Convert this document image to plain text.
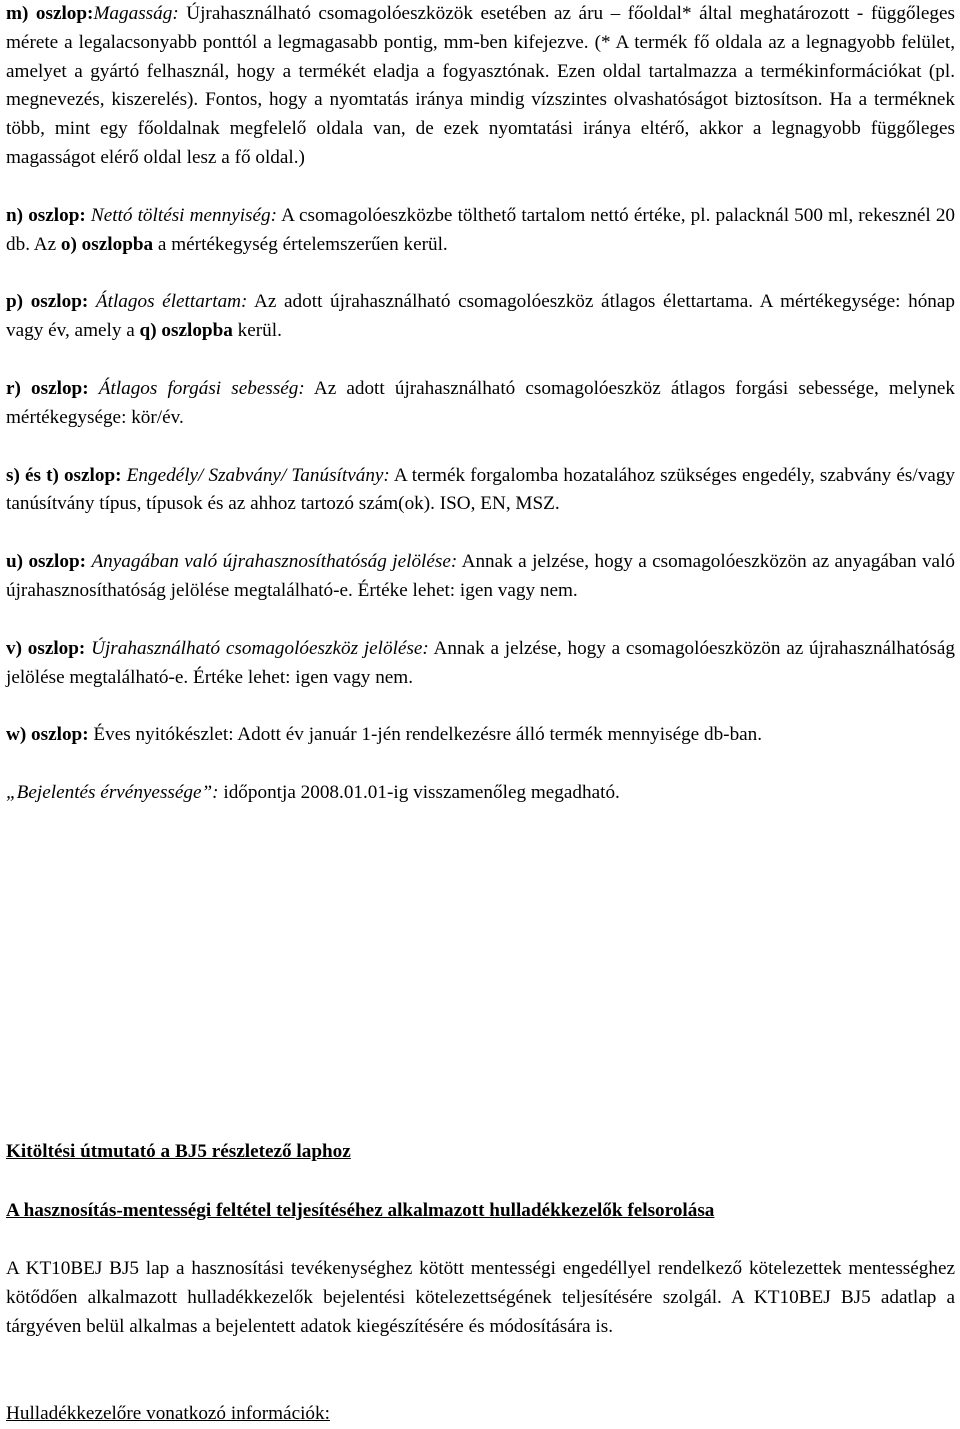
m) oszlop:Magasság: Újrahasználható csomagolóeszközök esetében az áru – főoldal* által meghatározott - függőleges mérete a legalacsonyabb ponttól a legmagasabb pontig, mm-ben kifejezve. (* A termék fő oldala az a legnagyobb felület, amelyet a gyártó felhasznál, hogy a termékét eladja a fogyasztónak. Ezen oldal tartalmazza a termékinformációkat (pl. megnevezés, kiszerelés). Fontos, hogy a nyomtatás iránya mindig vízszintes olvashatóságot biztosítson. Ha a terméknek több, mint egy főoldalnak megfelelő oldala van, de ezek nyomtatási iránya eltérő, akkor a legnagyobb függőleges magasságot elérő oldal lesz a fő oldal.)

n) oszlop: Nettó töltési mennyiség: A csomagolóeszközbe tölthető tartalom nettó értéke, pl. palacknál 500 ml, rekesznél 20 db. Az o) oszlopba a mértékegység értelemszerűen kerül.

p) oszlop: Átlagos élettartam: Az adott újrahasználható csomagolóeszköz átlagos élettartama. A mértékegysége: hónap vagy év, amely a q) oszlopba kerül.

r) oszlop: Átlagos forgási sebesség: Az adott újrahasználható csomagolóeszköz átlagos forgási sebessége, melynek mértékegysége: kör/év.

s) és t) oszlop: Engedély/ Szabvány/ Tanúsítvány: A termék forgalomba hozatalához szükséges engedély, szabvány és/vagy tanúsítvány típus, típusok és az ahhoz tartozó szám(ok). ISO, EN, MSZ.

u) oszlop: Anyagában való újrahasznosíthatóság jelölése: Annak a jelzése, hogy a csomagolóeszközön az anyagában való újrahasznosíthatóság jelölése megtalálható-e. Értéke lehet: igen vagy nem.

v) oszlop: Újrahasználható csomagolóeszköz jelölése: Annak a jelzése, hogy a csomagolóeszközön az újrahasználhatóság jelölése megtalálható-e. Értéke lehet: igen vagy nem.

w) oszlop: Éves nyitókészlet: Adott év január 1-jén rendelkezésre álló termék mennyisége db-ban.

„Bejelentés érvényessége”: időpontja 2008.01.01-ig visszamenőleg megadható.

Kitöltési útmutató a BJ5 részletező laphoz

A hasznosítás-mentességi feltétel teljesítéséhez alkalmazott hulladékkezelők felsorolása

A KT10BEJ BJ5 lap a hasznosítási tevékenységhez kötött mentességi engedéllyel rendelkező kötelezettek mentességhez kötődően alkalmazott hulladékkezelők bejelentési kötelezettségének teljesítésére szolgál. A KT10BEJ BJ5 adatlap a tárgyéven belül alkalmas a bejelentett adatok kiegészítésére és módosítására is.

Hulladékkezelőre vonatkozó információk:
